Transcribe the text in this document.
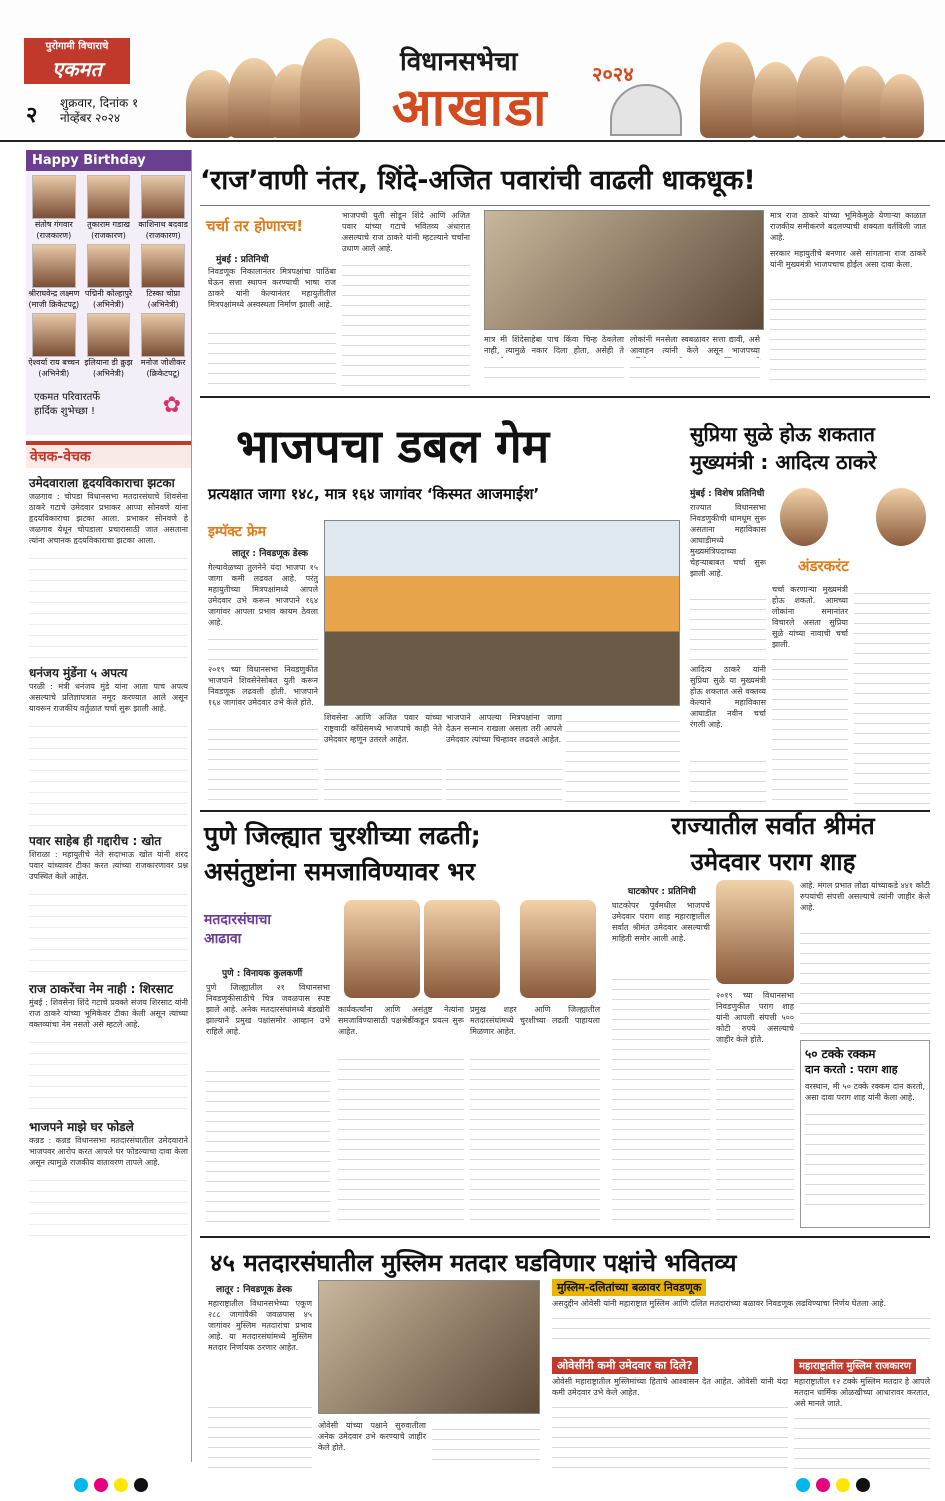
पुरोगामी विचाराचे
एकमत
२ शुक्रवार, दिनांक १
नोव्हेंबर २०२४
विधानसभेचा
आखाडा
२०२४
Happy Birthday
संतोष गंगवार
(राजकारण)
तुकाराम गडाख
(राजकारण)
काशिनाथ बदवाड
(राजकारण)
श्रीराघवेन्द्र लक्ष्मण
(माजी क्रिकेटपटू)
पद्मिनी कोल्हापुरे
(अभिनेत्री)
टिस्का चोप्रा
(अभिनेत्री)
ऐश्वर्या राय बच्चन
(अभिनेत्री)
इलियाना डी क्रुझ
(अभिनेत्री)
मनोज जोशीकर
(क्रिकेटपटू)
एकमत परिवारतर्फे
हार्दिक शुभेच्छा !	✿
वेचक-वेचक
उमेदवाराला हृदयविकाराचा झटका
जळगाव : चोपडा विधानसभा मतदारसंघाचे शिवसेना ठाकरे गटाचे उमेदवार प्रभाकर आप्पा सोनवणे यांना हृदयविकाराचा झटका आला. प्रभाकर सोनवणे हे जळगाव येथून चोपडाला प्रचारासाठी जात असताना त्यांना अचानक हृदयविकाराचा झटका आला.
धनंजय मुंडेंना ५ अपत्य
परळी : मंत्री धनंजय मुंडे यांना आता पाच अपत्य असल्याचे प्रतिज्ञापत्रात नमूद करण्यात आले असून यावरून राजकीय वर्तुळात चर्चा सुरू झाली आहे.
पवार साहेब ही गद्दारीच : खोत
शिराळा : महायुतीचे नेते सदाभाऊ खोत यांनी शरद पवार यांच्यावर टीका करत त्यांच्या राजकारणावर प्रश्न उपस्थित केले आहेत.
राज ठाकरेंचा नेम नाही : शिरसाट
मुंबई : शिवसेना शिंदे गटाचे प्रवक्ते संजय शिरसाट यांनी राज ठाकरे यांच्या भूमिकेवर टीका केली असून त्यांच्या वक्तव्यांचा नेम नसतो असे म्हटले आहे.
भाजपने माझे घर फोडले
कन्नड : कन्नड विधानसभा मतदारसंघातील उमेदवाराने भाजपवर आरोप करत आपले घर फोडल्याचा दावा केला असून त्यामुळे राजकीय वातावरण तापले आहे.
‘राज’वाणी नंतर, शिंदे-अजित पवारांची वाढली धाकधूक!
चर्चा तर होणारच!
मुंबई : प्रतिनिधी
निवडणूक निकालानंतर मित्रपक्षांचा पाठिंबा घेऊन सत्ता स्थापन करण्याची भाषा राज ठाकरे यांनी केल्यानंतर महायुतीतील मित्रपक्षांमध्ये अस्वस्थता निर्माण झाली आहे.
भाजपची युती सोडून शिंदे आणि अजित पवार यांच्या गटाचे भवितव्य अंधारात असल्याचे राज ठाकरे यांनी म्हटल्याने चर्चांना उधाण आले आहे.
मात्र मी शिंदेसाहेबा पाच किंवा चिन्ह ठेवलेला नाही, त्यामुळे नकार दिला होता, असेही ते
लोकांनी मनसेला स्वबळावर सत्ता द्यावी, असे आवाहन त्यांनी केले असून भाजपच्या
मात्र राज ठाकरे यांच्या भूमिकेमुळे येणाऱ्या काळात राजकीय समीकरणे बदलण्याची शक्यता वर्तविली जात आहे.
सरकार महायुतीचे बनणार असे सांगताना राज ठाकरे यांनी मुख्यमंत्री भाजपचाच होईल असा दावा केला.
भाजपचा डबल गेम
प्रत्यक्षात जागा १४८, मात्र १६४ जागांवर ‘किस्मत आजमाईश’
इम्पॅक्ट फ्रेम
लातूर : निवडणूक डेस्क
गेल्यावेळच्या तुलनेने यंदा भाजपा १५ जागा कमी लढवत आहे. परंतु महायुतीच्या मित्रपक्षांमध्ये आपले उमेदवार उभे करून भाजपाने १६४ जागांवर आपला प्रभाव कायम ठेवला आहे.
२०१९ च्या विधानसभा निवडणुकीत भाजपाने शिवसेनेसोबत युती करून निवडणूक लढवली होती. भाजपाने १६४ जागांवर उमेदवार उभे केले होते.
शिवसेना आणि अजित पवार यांच्या राष्ट्रवादी काँग्रेसमध्ये भाजपाचे काही नेते उमेदवार म्हणून उतरले आहेत.
भाजपाने आपल्या मित्रपक्षांना जागा देऊन सन्मान राखला असला तरी आपले उमेदवार त्यांच्या चिन्हावर लढवले आहेत.
सुप्रिया सुळे होऊ शकतात
मुख्यमंत्री : आदित्य ठाकरे
मुंबई : विशेष प्रतिनिधी
राज्यात विधानसभा निवडणुकीची धामधूम सुरू असताना महाविकास आघाडीमध्ये मुख्यमंत्रिपदाच्या चेहऱ्याबाबत चर्चा सुरू झाली आहे.
आदित्य ठाकरे यांनी सुप्रिया सुळे या मुख्यमंत्री होऊ शकतात असे वक्तव्य केल्याने महाविकास आघाडीत नवीन चर्चा रंगली आहे.
अंडरकरंट
चर्चा करणाऱ्या मुख्यमंत्री होऊ शकतो. आमच्या लोकांना समानांतर विचारले असता सुप्रिया सुळे यांच्या नावाची चर्चा झाली.
पुणे जिल्ह्यात चुरशीच्या लढती;
असंतुष्टांना समजाविण्यावर भर
मतदारसंघाचा
आढावा
पुणे : विनायक कुलकर्णी
पुणे जिल्ह्यातील २१ विधानसभा निवडणुकीसाठीचे चित्र जवळपास स्पष्ट झाले आहे. अनेक मतदारसंघांमध्ये बंडखोरी झाल्याने प्रमुख पक्षांसमोर आव्हान उभे राहिले आहे.
कार्यकर्त्यांना आणि असंतुष्ट नेत्यांना समजाविण्यासाठी पक्षश्रेष्ठींकडून प्रयत्न सुरू आहेत.
प्रमुख शहर आणि जिल्ह्यातील मतदारसंघांमध्ये चुरशीच्या लढती पाहायला मिळणार आहेत.
राज्यातील सर्वात श्रीमंत
उमेदवार पराग शाह
घाटकोपर : प्रतिनिधी
घाटकोपर पूर्वमधील भाजपचे उमेदवार पराग शाह महाराष्ट्रातील सर्वात श्रीमंत उमेदवार असल्याची माहिती समोर आली आहे.
आहे. मंगल प्रभात लोढा यांच्याकडे ४४१ कोटी रुपयांची संपत्ती असल्याचे त्यांनी जाहीर केले आहे.
२०१९ च्या विधानसभा निवडणुकीत पराग शाह यांनी आपली संपत्ती ५०० कोटी रुपये असल्याचे जाहीर केले होते.
५० टक्के रक्कम
दान करतो : पराग शाह
वरस्थान, मी ५० टक्के रक्कम दान करतो, असा दावा पराग शाह यांनी केला आहे.
४५ मतदारसंघातील मुस्लिम मतदार घडविणार पक्षांचे भवितव्य
लातूर : निवडणूक डेस्क
महाराष्ट्रातील विधानसभेच्या एकूण २८८ जागांपैकी जवळपास ४५ जागांवर मुस्लिम मतदारांचा प्रभाव आहे. या मतदारसंघांमध्ये मुस्लिम मतदार निर्णायक ठरणार आहेत.
ओवेसी यांच्या पक्षाने सुरुवातीला अनेक उमेदवार उभे करण्याचे जाहीर केले होते.
मुस्लिम-दलितांच्या बळावर निवडणूक
असदुद्दीन ओवेसी यांनी महाराष्ट्रात मुस्लिम आणि दलित मतदारांच्या बळावर निवडणूक लढविण्याचा निर्णय घेतला आहे.
ओवेसींनी कमी उमेदवार का दिले?
ओवेसी महाराष्ट्रातील मुस्लिमांच्या हिताचे आश्वासन देत आहेत. ओवेसी यांनी यंदा कमी उमेदवार उभे केले आहेत.
महाराष्ट्रातील मुस्लिम राजकारण
महाराष्ट्रातील १२ टक्के मुस्लिम मतदार हे आपले मतदान धार्मिक ओळखीच्या आधारावर करतात, असे मानले जाते.
